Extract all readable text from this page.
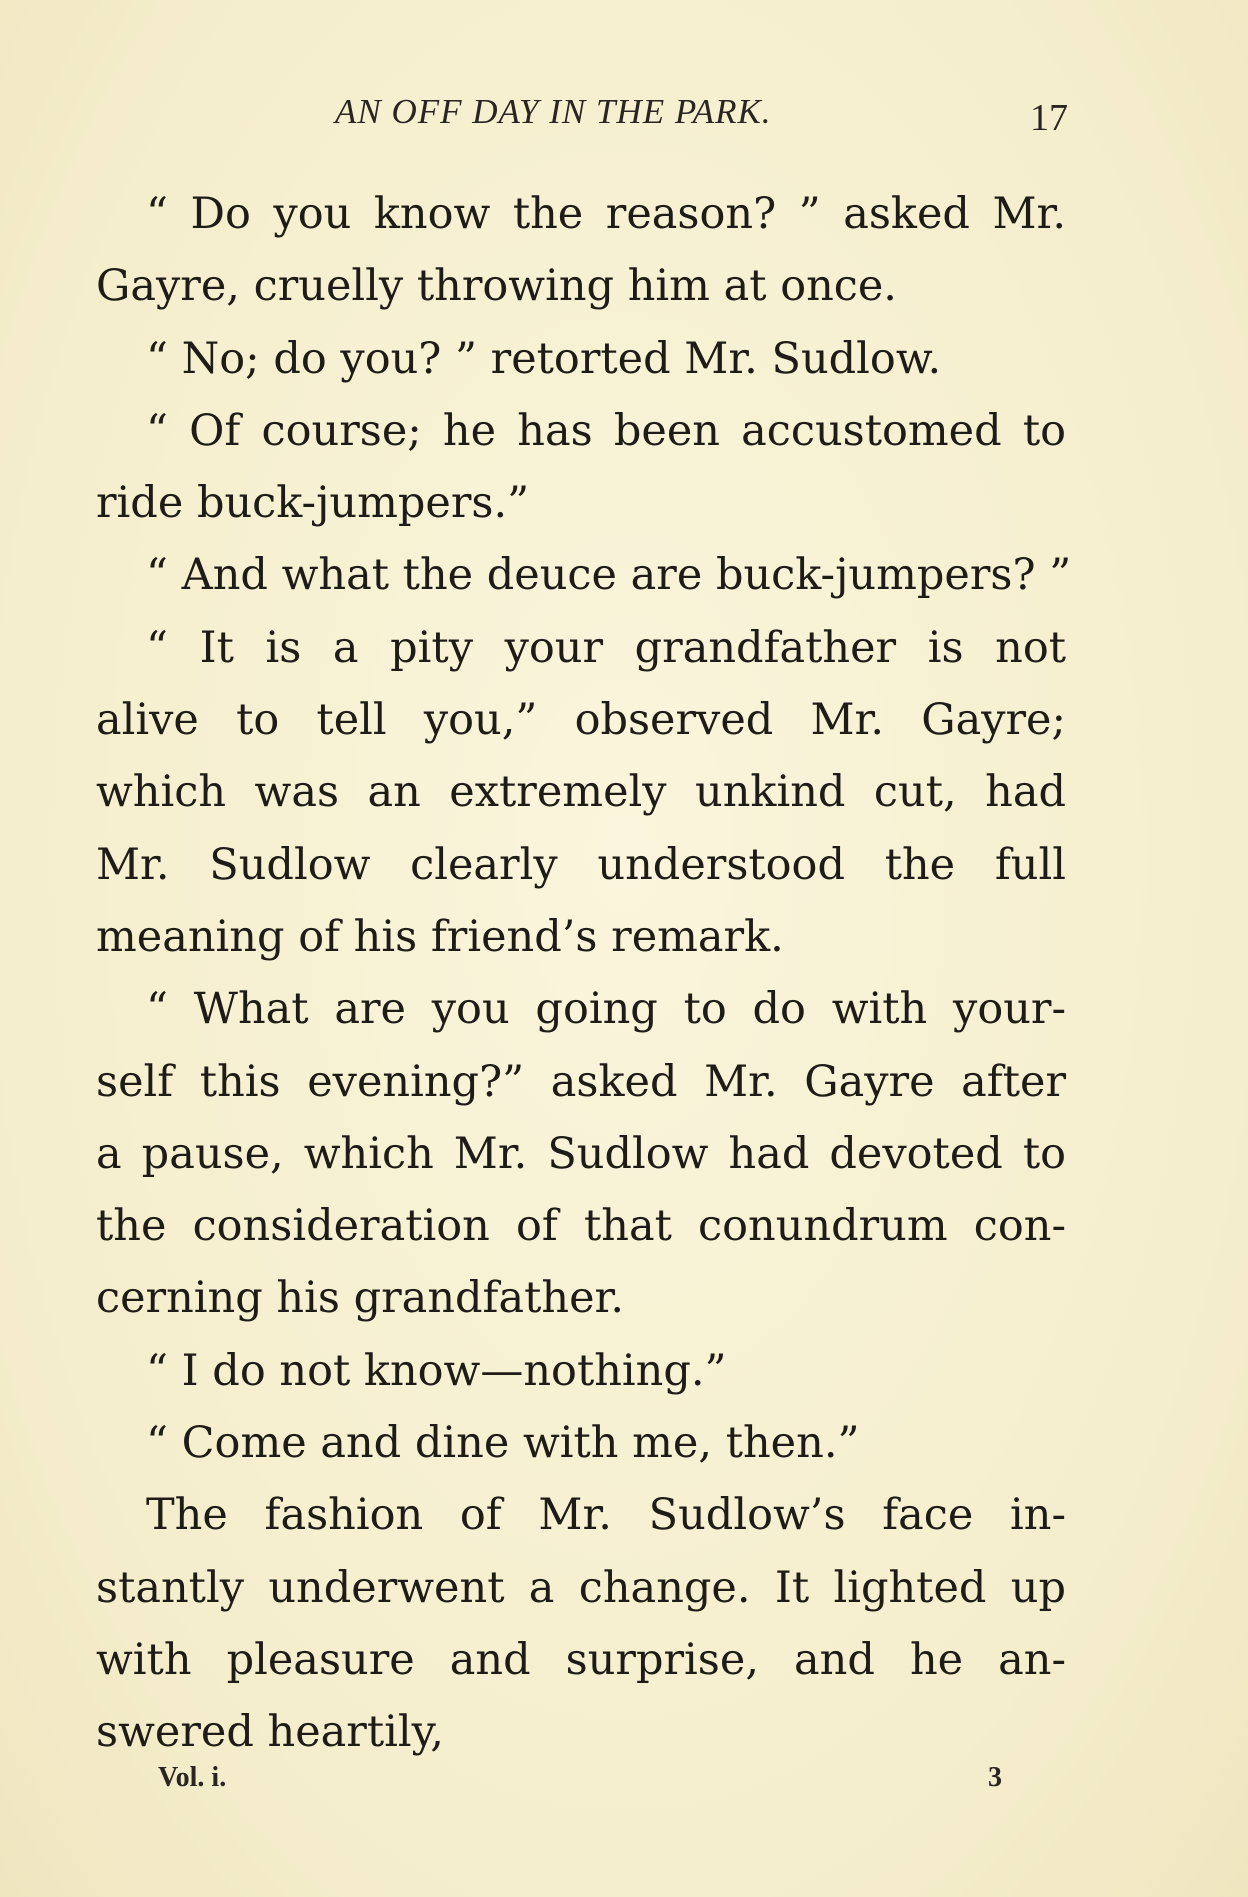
AN OFF DAY IN THE PARK.	17
“ Do you know the reason? ” asked Mr.
Gayre, cruelly throwing him at once.
“ No; do you? ” retorted Mr. Sudlow.
“ Of course; he has been accustomed to
ride buck-jumpers.”
“ And what the deuce are buck-jumpers? ”
“ It is a pity your grandfather is not
alive to tell you,” observed Mr. Gayre;
which was an extremely unkind cut, had
Mr. Sudlow clearly understood the full
meaning of his friend’s remark.
“ What are you going to do with your-
self this evening?” asked Mr. Gayre after
a pause, which Mr. Sudlow had devoted to
the consideration of that conundrum con-
cerning his grandfather.
“ I do not know—nothing.”
“ Come and dine with me, then.”
The fashion of Mr. Sudlow’s face in-
stantly underwent a change. It lighted up
with pleasure and surprise, and he an-
swered heartily,
Vol. i.	3
